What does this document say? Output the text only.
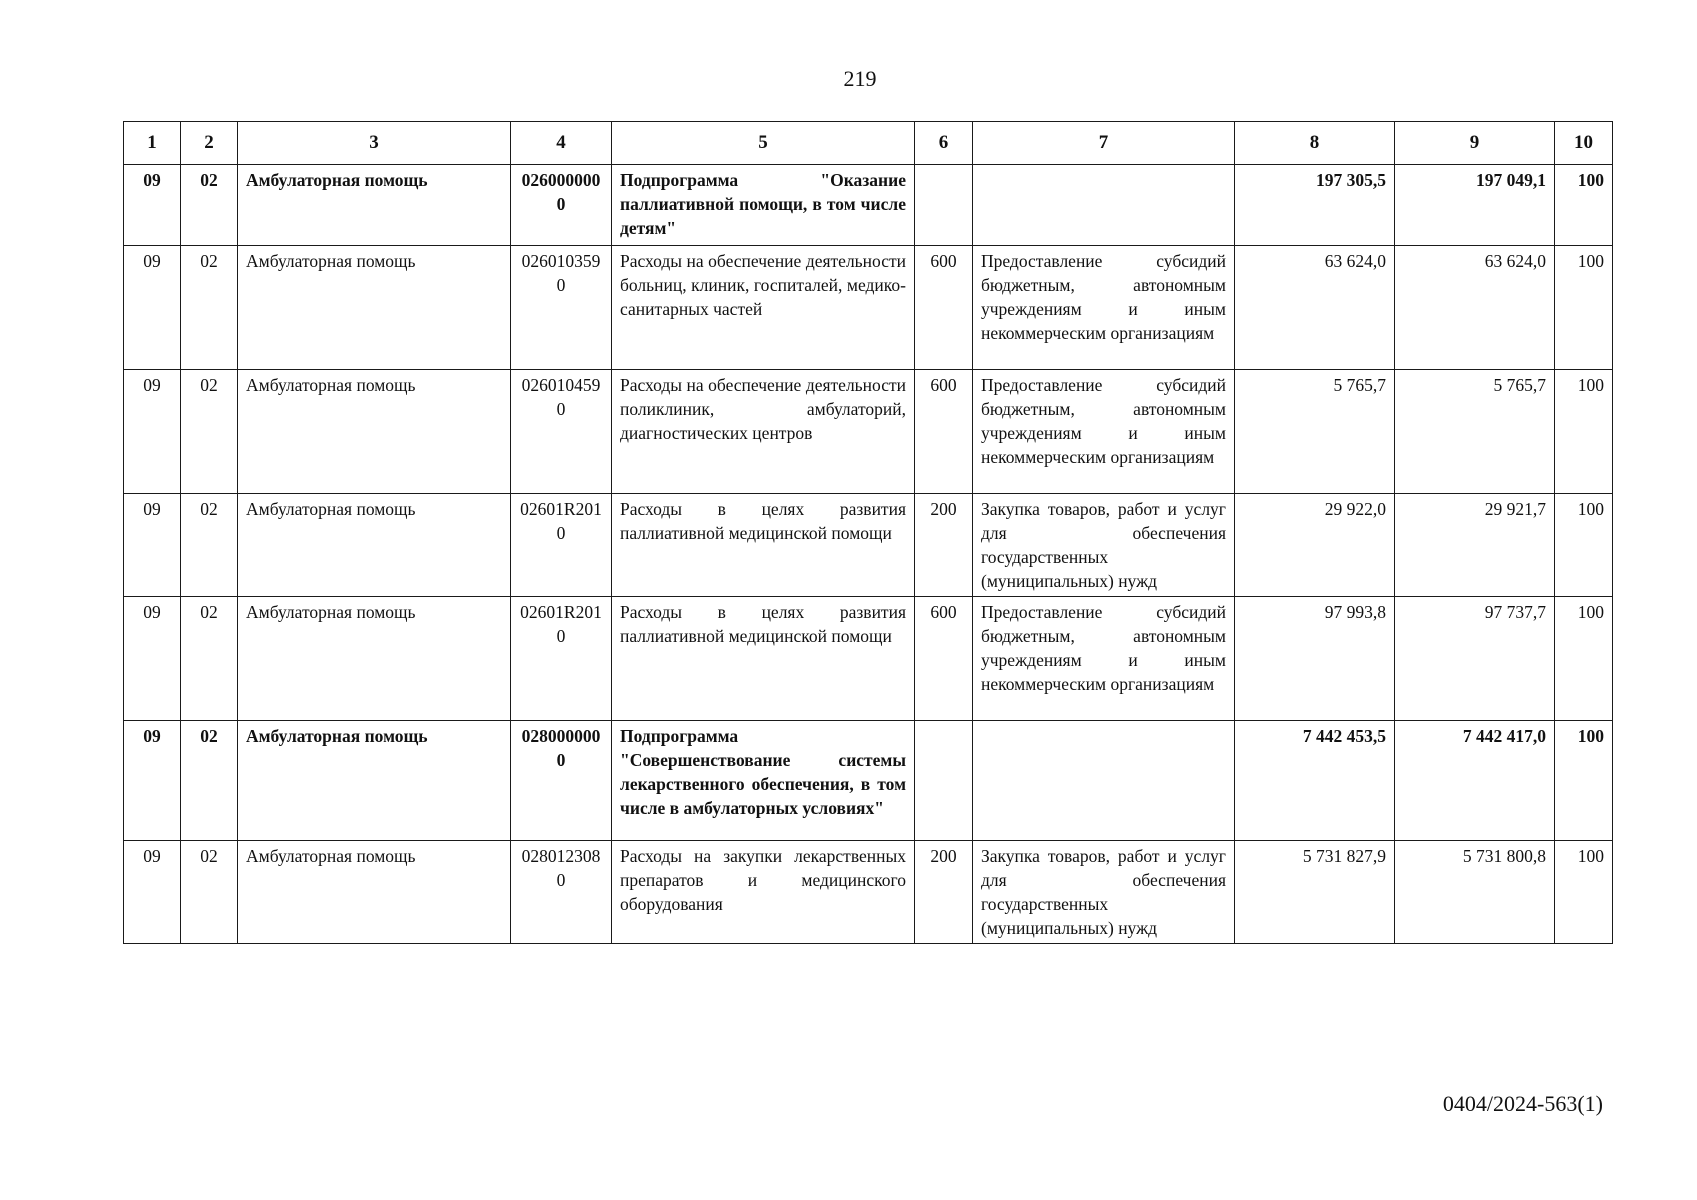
219
1	2	3	4	5	6	7	8	9	10
09	02	Амбулаторная помощь	0260000000	Подпрограмма "Оказание паллиативной помощи, в том числе детям"			197 305,5	197 049,1	100
09	02	Амбулаторная помощь	0260103590	Расходы на обеспечение деятельности больниц, клиник, госпиталей, медико-санитарных частей	600	Предоставление субсидий бюджетным, автономным учреждениям и иным некоммерческим организациям	63 624,0	63 624,0	100
09	02	Амбулаторная помощь	0260104590	Расходы на обеспечение деятельности поликлиник, амбулаторий, диагностических центров	600	Предоставление субсидий бюджетным, автономным учреждениям и иным некоммерческим организациям	5 765,7	5 765,7	100
09	02	Амбулаторная помощь	02601R2010	Расходы в целях развития паллиативной медицинской помощи	200	Закупка товаров, работ и услуг для обеспечения государственных (муниципальных) нужд	29 922,0	29 921,7	100
09	02	Амбулаторная помощь	02601R2010	Расходы в целях развития паллиативной медицинской помощи	600	Предоставление субсидий бюджетным, автономным учреждениям и иным некоммерческим организациям	97 993,8	97 737,7	100
09	02	Амбулаторная помощь	0280000000	Подпрограмма "Совершенствование системы лекарственного обеспечения, в том числе в амбулаторных условиях"			7 442 453,5	7 442 417,0	100
09	02	Амбулаторная помощь	0280123080	Расходы на закупки лекарственных препаратов и медицинского оборудования	200	Закупка товаров, работ и услуг для обеспечения государственных (муниципальных) нужд	5 731 827,9	5 731 800,8	100
0404/2024-563(1)
